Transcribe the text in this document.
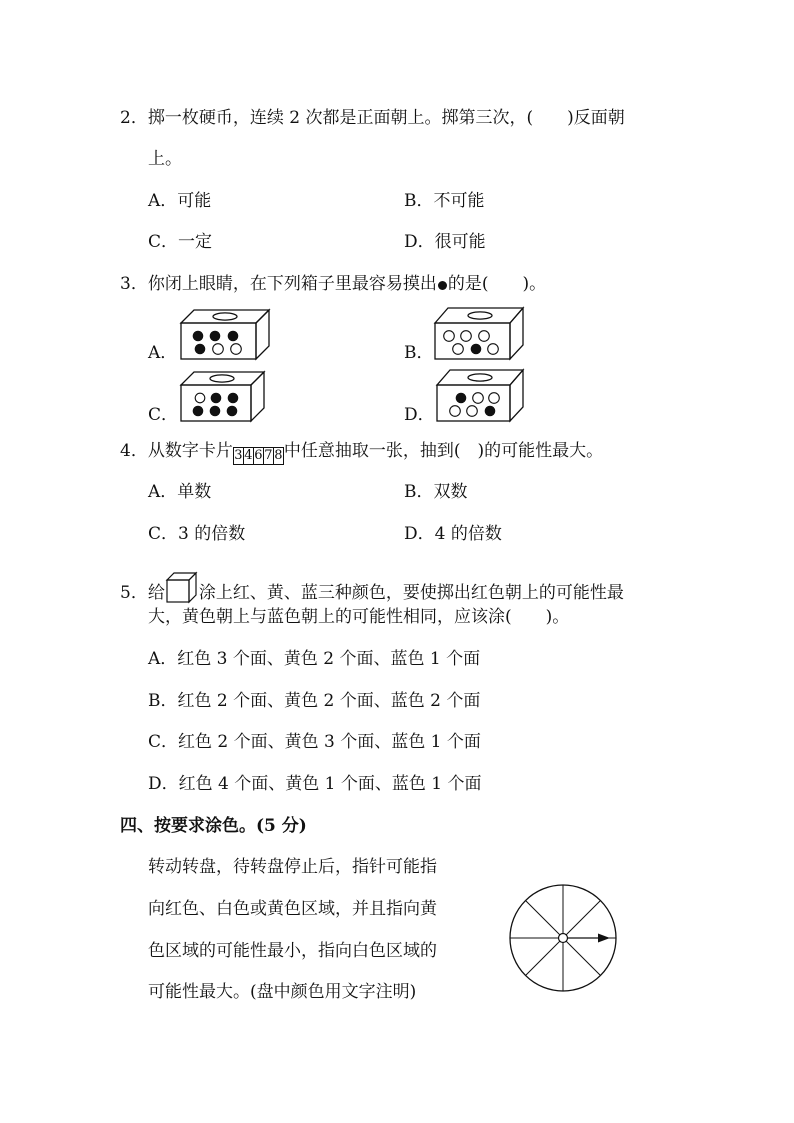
2．掷一枚硬币，连续 2 次都是正面朝上。掷第三次，(　　)反面朝
上。
A．可能	B．不可能
C．一定	D．很可能
3．你闭上眼睛，在下列箱子里最容易摸出 的是(　　)。
A．	B．
C．	D．
4．从数字卡片3 4 6 7 8中任意抽取一张，抽到(　)的可能性最大。
A．单数	B．双数
C．3 的倍数	D．4 的倍数
5．给 涂上红、黄、蓝三种颜色，要使掷出红色朝上的可能性最
大，黄色朝上与蓝色朝上的可能性相同，应该涂(　　)。
A．红色 3 个面、黄色 2 个面、蓝色 1 个面
B．红色 2 个面、黄色 2 个面、蓝色 2 个面
C．红色 2 个面、黄色 3 个面、蓝色 1 个面
D．红色 4 个面、黄色 1 个面、蓝色 1 个面
四、按要求涂色。(5 分)
转动转盘，待转盘停止后，指针可能指
向红色、白色或黄色区域，并且指向黄
色区域的可能性最小，指向白色区域的
可能性最大。(盘中颜色用文字注明)
